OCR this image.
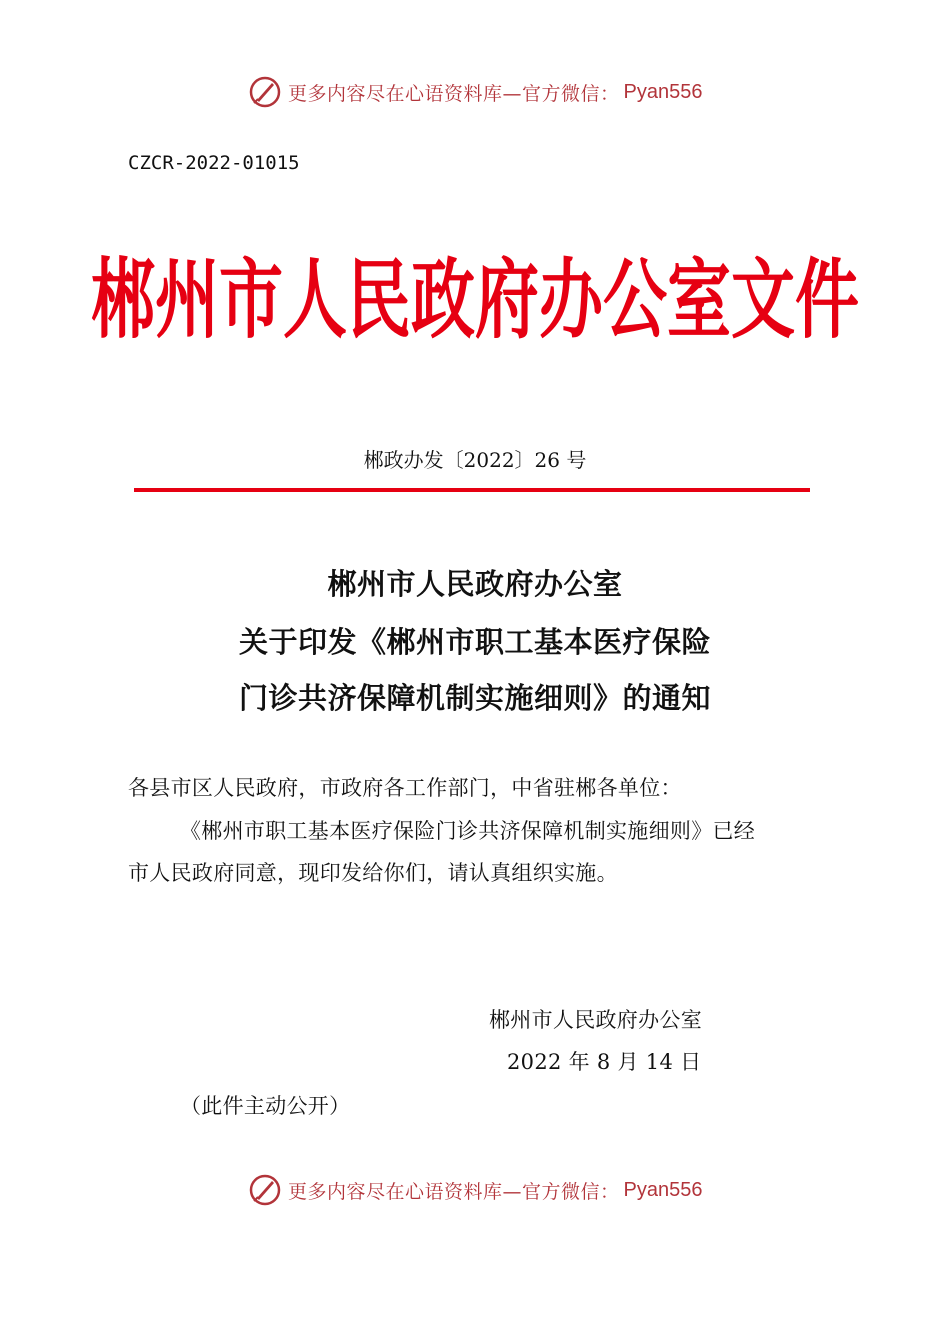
更多内容尽在心语资料库—官方微信： Pyan556
CZCR-2022-01015
郴州市人民政府办公室文件
郴政办发〔2022〕26 号
郴州市人民政府办公室
关于印发《郴州市职工基本医疗保险
门诊共济保障机制实施细则》的通知
各县市区人民政府，市政府各工作部门，中省驻郴各单位：
《郴州市职工基本医疗保险门诊共济保障机制实施细则》已经
市人民政府同意，现印发给你们，请认真组织实施。
郴州市人民政府办公室
2022 年 8 月 14 日
（此件主动公开）
更多内容尽在心语资料库—官方微信： Pyan556
